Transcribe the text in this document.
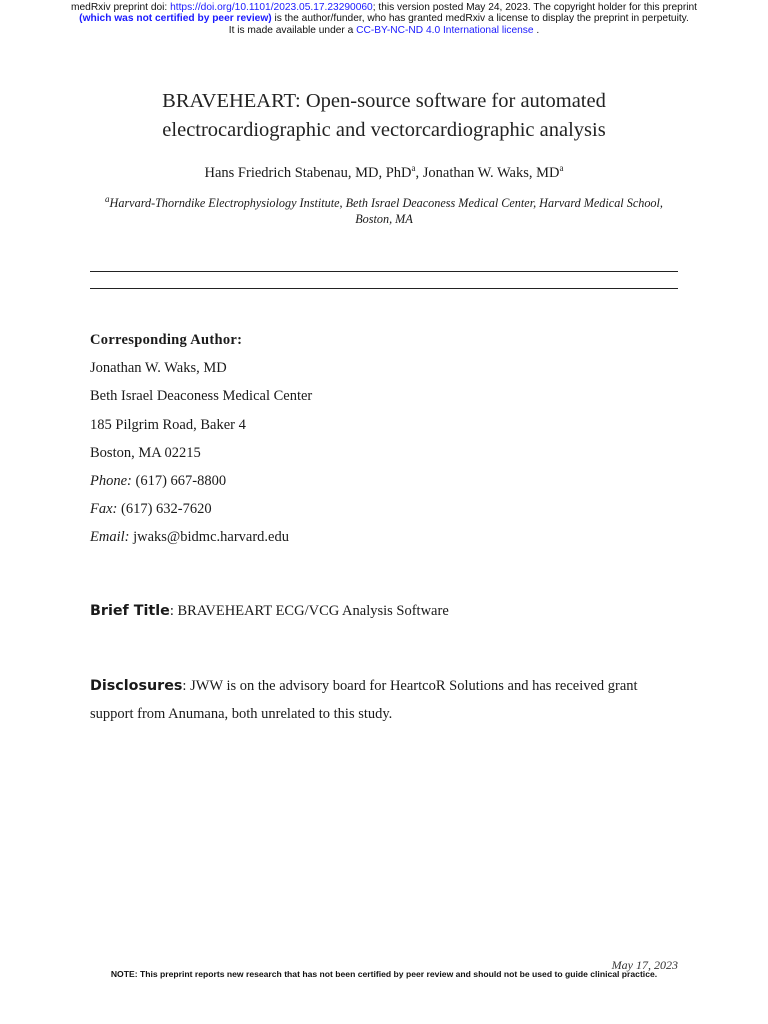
medRxiv preprint doi: https://doi.org/10.1101/2023.05.17.23290060; this version posted May 24, 2023. The copyright holder for this preprint
(which was not certified by peer review) is the author/funder, who has granted medRxiv a license to display the preprint in perpetuity.
It is made available under a CC-BY-NC-ND 4.0 International license .
BRAVEHEART: Open-source software for automated
electrocardiographic and vectorcardiographic analysis
Hans Friedrich Stabenau, MD, PhD$^a$, Jonathan W. Waks, $MD^a$
$^a$Harvard-Thorndike Electrophysiology Institute, Beth Israel Deaconess Medical Center, Harvard Medical School, Boston, MA
Corresponding Author:
Jonathan W. Waks, MD
Beth Israel Deaconess Medical Center
185 Pilgrim Road, Baker 4
Boston, MA 02215
Phone: (617) 667-8800
Fax: (617) 632-7620
Email: jwaks@bidmc.harvard.edu
Brief Title: BRAVEHEART ECG/VCG Analysis Software
Disclosures: JWW is on the advisory board for HeartcoR Solutions and has received grant support from Anumana, both unrelated to this study.
May 17, 2023
NOTE: This preprint reports new research that has not been certified by peer review and should not be used to guide clinical practice.
